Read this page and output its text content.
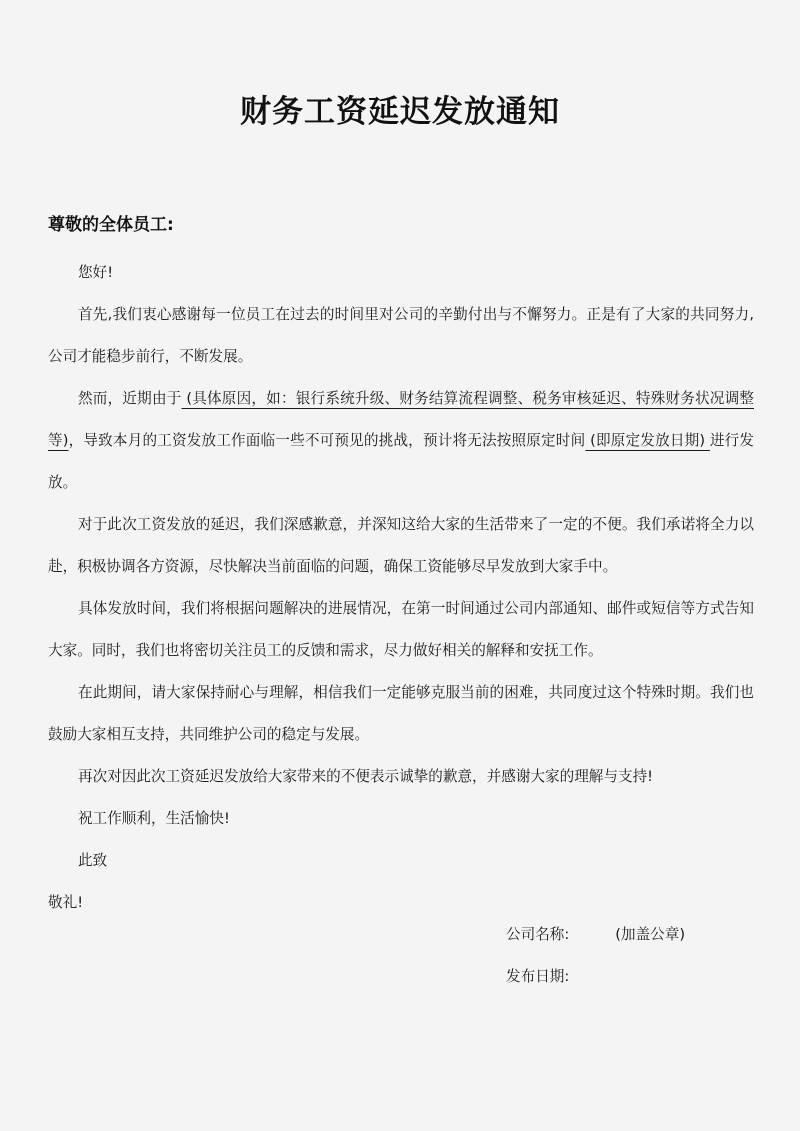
财务工资延迟发放通知

尊敬的全体员工:

您好!

首先,我们衷心感谢每一位员工在过去的时间里对公司的辛勤付出与不懈努力。正是有了大家的共同努力,公司才能稳步前行，不断发展。

然而，近期由于 (具体原因，如：银行系统升级、财务结算流程调整、税务审核延迟、特殊财务状况调整等)，导致本月的工资发放工作面临一些不可预见的挑战，预计将无法按照原定时间 (即原定发放日期) 进行发放。

对于此次工资发放的延迟，我们深感歉意，并深知这给大家的生活带来了一定的不便。我们承诺将全力以赴，积极协调各方资源，尽快解决当前面临的问题，确保工资能够尽早发放到大家手中。

具体发放时间，我们将根据问题解决的进展情况，在第一时间通过公司内部通知、邮件或短信等方式告知大家。同时，我们也将密切关注员工的反馈和需求，尽力做好相关的解释和安抚工作。

在此期间，请大家保持耐心与理解，相信我们一定能够克服当前的困难，共同度过这个特殊时期。我们也鼓励大家相互支持，共同维护公司的稳定与发展。

再次对因此次工资延迟发放给大家带来的不便表示诚挚的歉意，并感谢大家的理解与支持!

祝工作顺利，生活愉快!

此致

敬礼!

公司名称:	(加盖公章)
发布日期:
